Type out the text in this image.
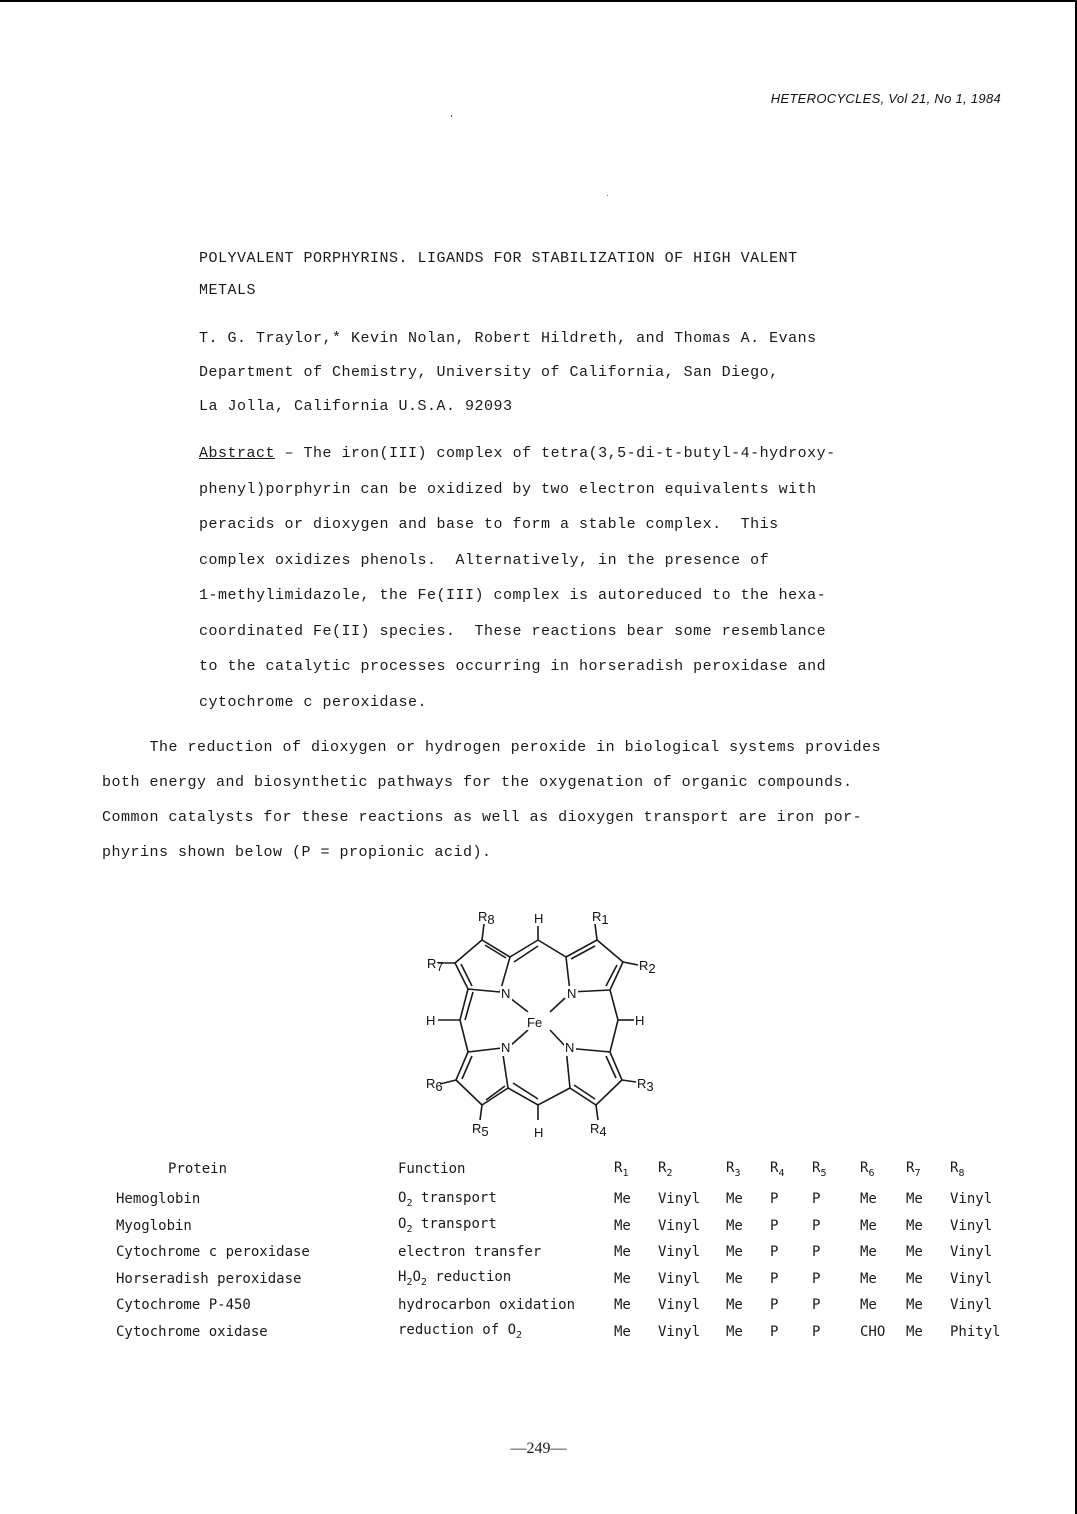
HETEROCYCLES, Vol 21, No 1, 1984
POLYVALENT PORPHYRINS. LIGANDS FOR STABILIZATION OF HIGH VALENT
METALS
T. G. Traylor,* Kevin Nolan, Robert Hildreth, and Thomas A. Evans
Department of Chemistry, University of California, San Diego,
La Jolla, California U.S.A. 92093
Abstract – The iron(III) complex of tetra(3,5-di-t-butyl-4-hydroxy-
phenyl)porphyrin can be oxidized by two electron equivalents with
peracids or dioxygen and base to form a stable complex.  This
complex oxidizes phenols.  Alternatively, in the presence of
1-methylimidazole, the Fe(III) complex is autoreduced to the hexa-
coordinated Fe(II) species.  These reactions bear some resemblance
to the catalytic processes occurring in horseradish peroxidase and
cytochrome c peroxidase.
The reduction of dioxygen or hydrogen peroxide in biological systems provides
both energy and biosynthetic pathways for the oxygenation of organic compounds.
Common catalysts for these reactions as well as dioxygen transport are iron por-
phyrins shown below (P = propionic acid).
N	N
N	N
Fe
H
H
H	H
R8	R1
R2
R7
R6	R3
R5	R4
Protein	Function	$R_1$	$R_2$	$R_3$	$R_4$	$R_5$	$R_6$	$R_7$	$R_8$
Hemoglobin	$O_2$ transport	Me	Vinyl	Me	P	P	Me	Me	Vinyl
Myoglobin	$O_2$ transport	Me	Vinyl	Me	P	P	Me	Me	Vinyl
Cytochrome c peroxidase	electron transfer	Me	Vinyl	Me	P	P	Me	Me	Vinyl
Horseradish peroxidase	$H_2O_2$ reduction	Me	Vinyl	Me	P	P	Me	Me	Vinyl
Cytochrome P-450	hydrocarbon oxidation	Me	Vinyl	Me	P	P	Me	Me	Vinyl
Cytochrome oxidase	reduction of $O_2$	Me	Vinyl	Me	P	P	CHO	Me	Phityl
—249—
